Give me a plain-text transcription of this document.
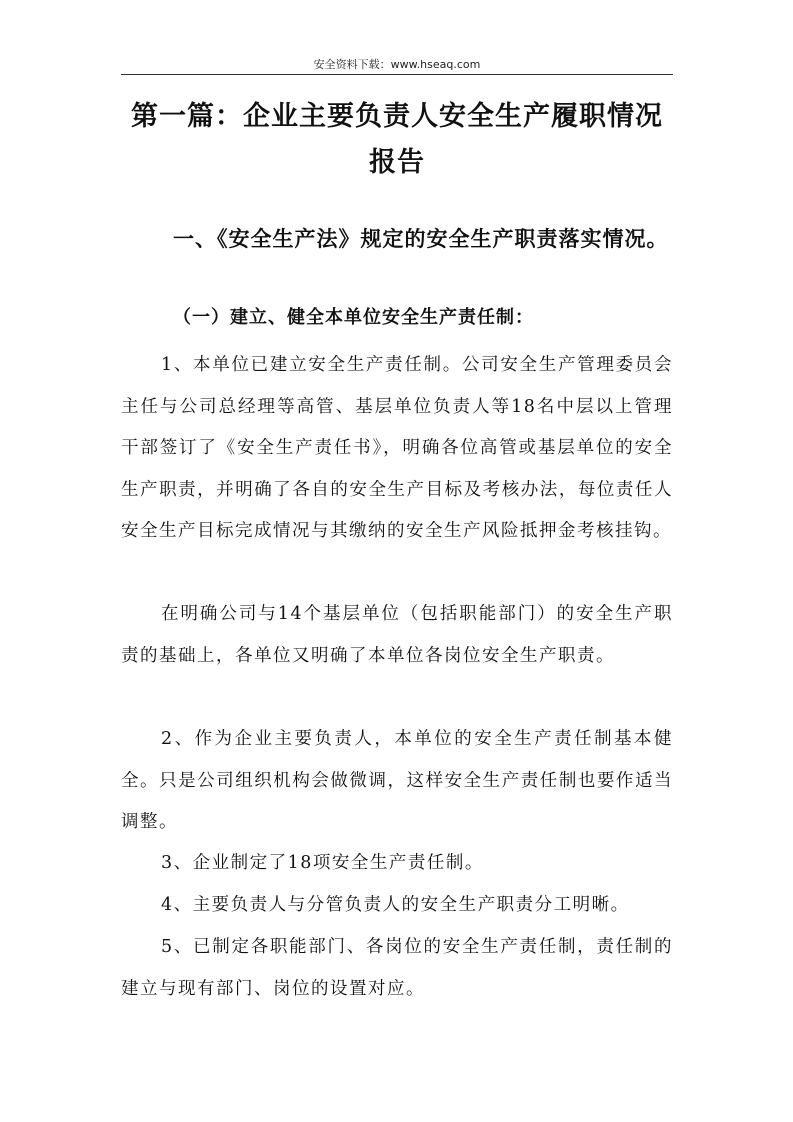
安全资料下载：www.hseaq.com
第一篇：企业主要负责人安全生产履职情况
报告
一、《安全生产法》规定的安全生产职责落实情况。
（一）建立、健全本单位安全生产责任制：

1、本单位已建立安全生产责任制。公司安全生产管理委员会主任与公司总经理等高管、基层单位负责人等18名中层以上管理干部签订了《安全生产责任书》，明确各位高管或基层单位的安全生产职责，并明确了各自的安全生产目标及考核办法，每位责任人安全生产目标完成情况与其缴纳的安全生产风险抵押金考核挂钩。

在明确公司与14个基层单位（包括职能部门）的安全生产职责的基础上，各单位又明确了本单位各岗位安全生产职责。

2、作为企业主要负责人，本单位的安全生产责任制基本健全。只是公司组织机构会做微调，这样安全生产责任制也要作适当调整。

3、企业制定了18项安全生产责任制。

4、主要负责人与分管负责人的安全生产职责分工明晰。

5、已制定各职能部门、各岗位的安全生产责任制，责任制的建立与现有部门、岗位的设置对应。
